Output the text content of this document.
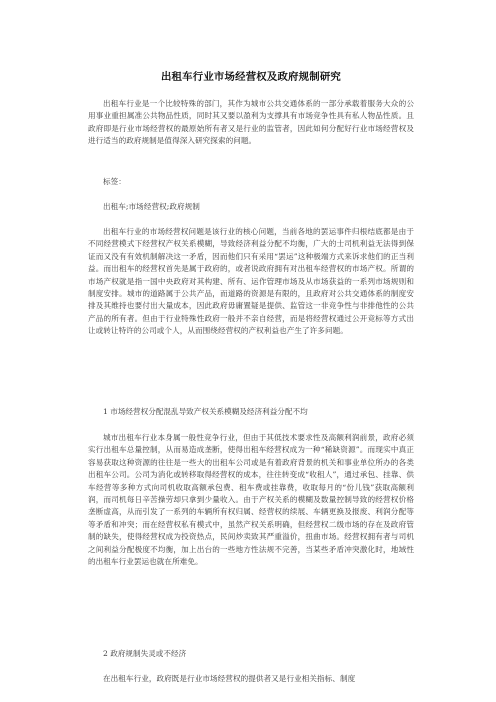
出租车行业市场经营权及政府规制研究
出租车行业是一个比较特殊的部门，其作为城市公共交通体系的一部分承载着服务大众的公用事业重担属准公共物品性质，同时其又要以盈利为支撑具有市场竞争性具有私人物品性质。且政府即是行业市场经营权的最原始所有者又是行业的监管者，因此如何分配好行业市场经营权及进行适当的政府规制是值得深入研究探索的问题。
标签：
出租车;市场经营权;政府规制
出租车行业的市场经营权问题是该行业的核心问题，当前各地的罢运事件归根结底都是由于不同经营模式下经营权产权关系模糊，导致经济利益分配不均衡，广大的士司机利益无法得到保证而又没有有效机制解决这一矛盾，因而他们只有采用“罢运”这种极端方式来诉求他们的正当利益。而出租车的经营权首先是属于政府的，或者说政府拥有对出租车经营权的市场产权。所谓的市场产权就是指一国中央政府对其构建、所有、运作管理市场及从市场获益的一系列市场规则和制度安排。城市的道路属于公共产品，而道路的资源是有限的，且政府对公共交通体系的制度安排及其维持也要付出大量成本，因此政府毋庸置疑是提供、监管这一非竞争性与非排他性的公共产品的所有者。但由于行业特殊性政府一般并不亲自经营，而是将经营权通过公开竞标等方式出让或转让特许的公司或个人，从而围绕经营权的产权利益也产生了许多问题。
1 市场经营权分配混乱导致产权关系模糊及经济利益分配不均
城市出租车行业本身属一般性竞争行业，但由于其低技术要求性及高额利润前景，政府必须实行出租车总量控制，从而易造成垄断，使得出租车经营权成为一种“稀缺资源”。而现实中真正容易获取这种资源的往往是一些大的出租车公司或是有着政府背景的机关和事业单位所办的各类出租车公司。公司为消化或转移取得经营权的成本，往往转变成“收租人”，通过承包、挂靠、供车经营等多种方式向司机收取高额承包费、租车费或挂靠费，收取每月的“份儿钱”获取高额利润，而司机每日辛苦操劳却只拿到少量收入。由于产权关系的模糊及数量控制导致的经营权价格垄断虚高，从而引发了一系列的车辆所有权归属、经营权的续展、车辆更换及报废、利润分配等等矛盾和冲突；而在经营权私有模式中，虽然产权关系明确，但经营权二级市场的存在及政府管制的缺失，使得经营权成为投资热点，民间炒卖致其严重溢价，扭曲市场。经营权拥有者与司机之间利益分配极度不均衡，加上出台的一些地方性法规不完善，当某些矛盾冲突激化时，地域性的出租车行业罢运也就在所难免。
2 政府规制失灵或不经济
在出租车行业，政府既是行业市场经营权的提供者又是行业相关指标、制度
